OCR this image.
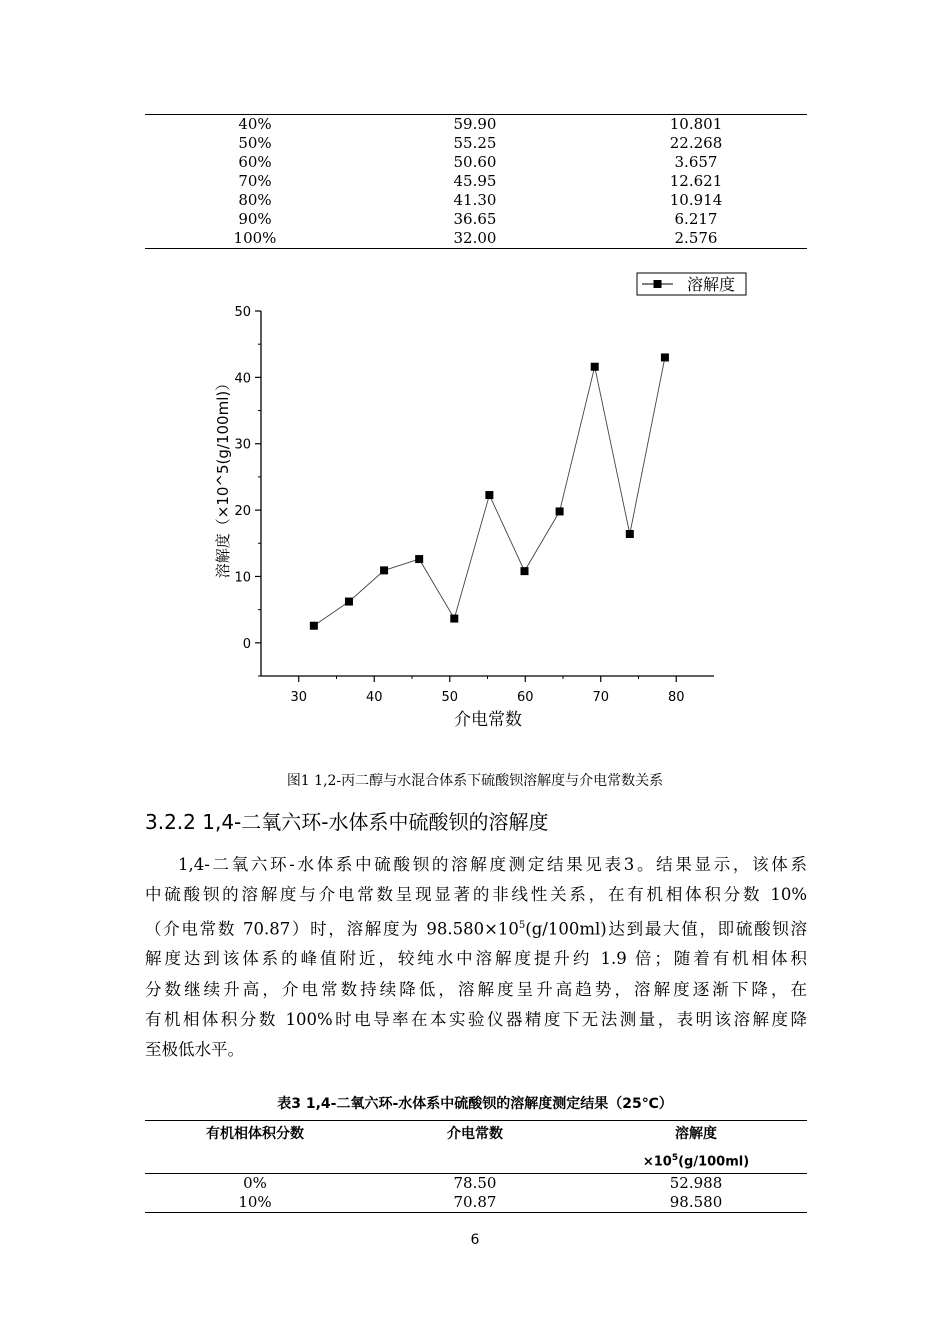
40%	59.90	10.801
50%	55.25	22.268
60%	50.60	3.657
70%	45.95	12.621
80%	41.30	10.914
90%	36.65	6.217
100%	32.00	2.576
30	40	50	60	70	80
0
10
20
30
40
50
介电常数
溶解度（×10^5(g/100ml)）
溶解度
图1 1,2-丙二醇与水混合体系下硫酸钡溶解度与介电常数关系
3.2.2 1,4-二氧六环-水体系中硫酸钡的溶解度
1,4-二氧六环-水体系中硫酸钡的溶解度测定结果见表3。结果显示，该体系
中硫酸钡的溶解度与介电常数呈现显著的非线性关系，在有机相体积分数 10%
（介电常数 70.87）时，溶解度为 $98.580\times 10^5(g/100ml)$达到最大值，即硫酸钡溶
解度达到该体系的峰值附近，较纯水中溶解度提升约 1.9 倍；随着有机相体积
分数继续升高，介电常数持续降低，溶解度呈升高趋势，溶解度逐渐下降，在
有机相体积分数 100%时电导率在本实验仪器精度下无法测量，表明该溶解度降
至极低水平。
表3 1,4-二氧六环-水体系中硫酸钡的溶解度测定结果（25℃）
有机相体积分数	介电常数	溶解度
		$\times 10^5(g/100ml)$
0%	78.50	52.988
10%	70.87	98.580
6
